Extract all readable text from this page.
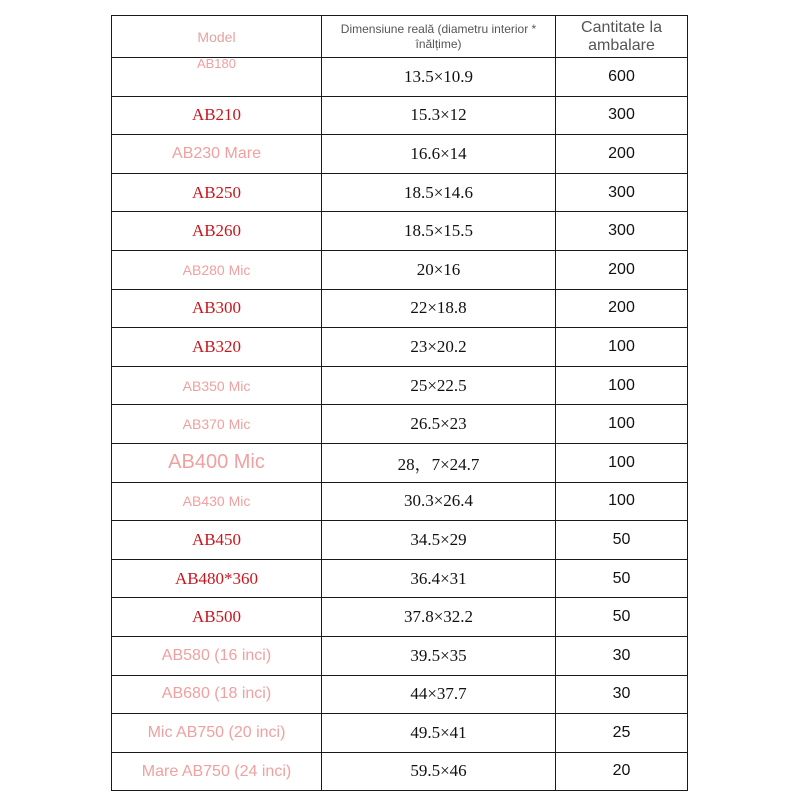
Model	Dimensiune reală (diametru interior * înălțime)	Cantitate la ambalare

AB180	13.5×10.9	600
AB210	15.3×12	300
AB230 Mare	16.6×14	200
AB250	18.5×14.6	300
AB260	18.5×15.5	300
AB280 Mic	20×16	200
AB300	22×18.8	200
AB320	23×20.2	100
AB350 Mic	25×22.5	100
AB370 Mic	26.5×23	100
AB400 Mic	28，7×24.7	100
AB430 Mic	30.3×26.4	100
AB450	34.5×29	50
AB480*360	36.4×31	50
AB500	37.8×32.2	50
AB580 (16 inci)	39.5×35	30
AB680 (18 inci)	44×37.7	30
Mic AB750 (20 inci)	49.5×41	25
Mare AB750 (24 inci)	59.5×46	20
